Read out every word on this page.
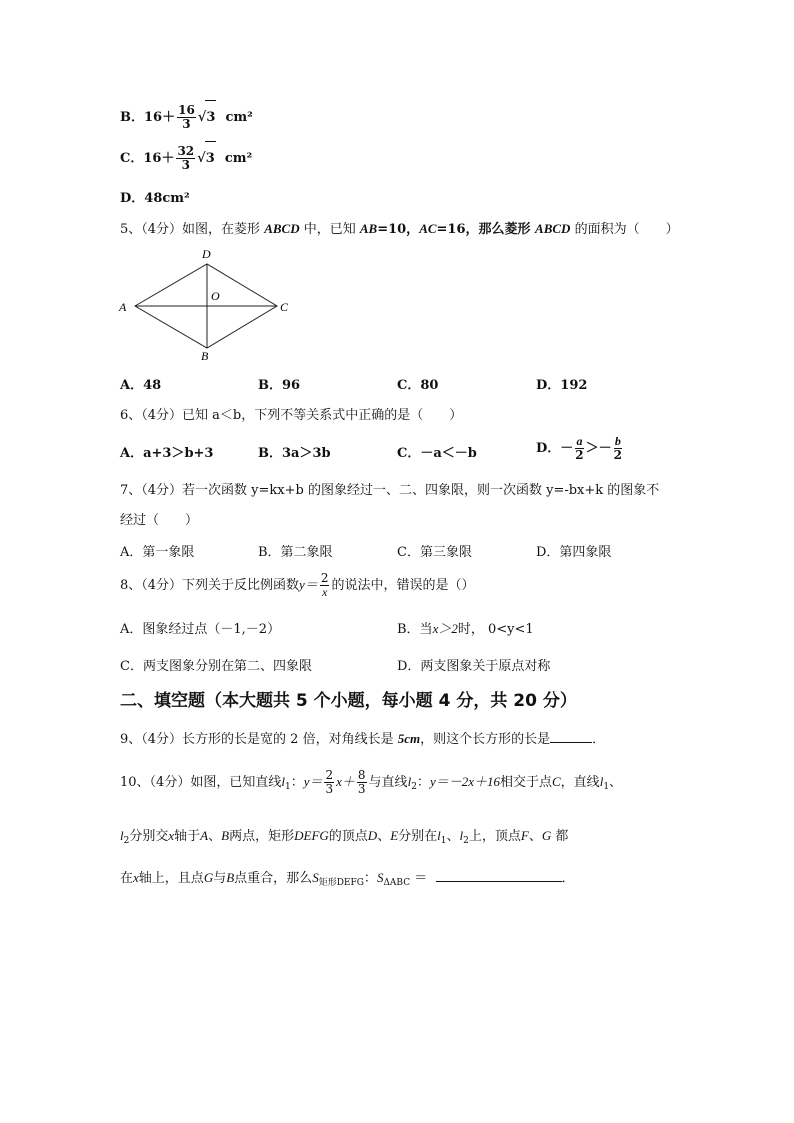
B．$16+ \frac{16}{3} √3$ cm²
C．$16+ \frac{32}{3} √3$ cm²
D．48cm²
5、（4分）如图，在菱形 ABCD 中，已知 AB=10，AC=16，那么菱形 ABCD 的面积为（　　）
A
D
C
B
O
A．48	B．96	C．80	D．192
6、（4分）已知 a＜b，下列不等关系式中正确的是（　　）
A．a+3＞b+3	B．3a＞3b	C．－a＜－b	D．－ $\frac{a}{2} >- \frac{b}{2}$
7、（4分）若一次函数 y=kx+b 的图象经过一、二、四象限，则一次函数 y=-bx+k 的图象不
经过（　　）
A．第一象限	B．第二象限	C．第三象限	D．第四象限
8、（4分）下列关于反比例函数$y= \frac{2}{x}$ 的说法中，错误的是（）
A．图象经过点（－1,－2）	B．当x＞2时， 0<y<1
C．两支图象分别在第二、四象限	D．两支图象关于原点对称
二、填空题（本大题共 5 个小题，每小题 4 分，共 20 分）
9、（4分）长方形的长是宽的 2 倍，对角线长是 5cm，则这个长方形的长是	．
10、（4分）如图，已知直线$l_1$：$y= \frac{2}{3} x+ \frac{8}{3}$ 与直线$l_2$：y＝－2x＋16相交于点C，直线$l_1$、
$l_2$分别交x轴于A、B两点，矩形DEFG的顶点D、E分别在$l_1$、$l_2$上，顶点F、G 都
在x轴上，且点G与B点重合，那么$S_{矩形DEFG}$：$S_{\Delta ABC}$ ＝	．
